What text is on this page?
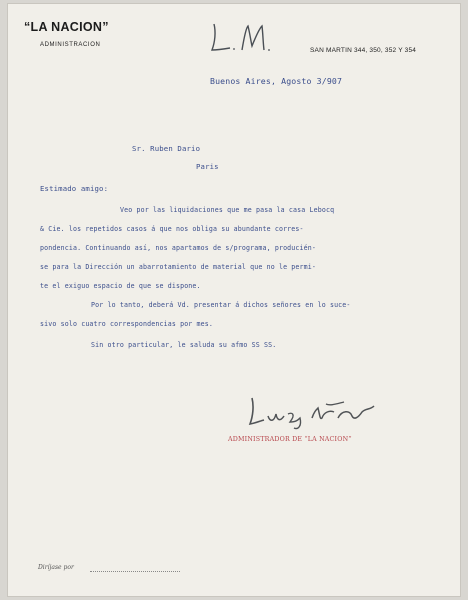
“LA NACION”
ADMINISTRACION
SAN MARTIN 344, 350, 352 Y 354
Buenos Aires, Agosto 3/907
Sr. Ruben Dario
Paris
Estimado amigo:
Veo por las liquidaciones que me pasa la casa Lebocq
& Cie. los repetidos casos á que nos obliga su abundante corres-
pondencia. Continuando así, nos apartamos de s/programa, producién-
se para la Dirección un abarrotamiento de material que no le permi-
te el exiguo espacio de que se dispone.
Por lo tanto, deberá Vd. presentar á dichos señores en lo suce-
sivo solo cuatro correspondencias por mes.
Sin otro particular, le saluda su afmo SS SS.
ADMINISTRADOR DE “LA NACION”
Diríjase por
